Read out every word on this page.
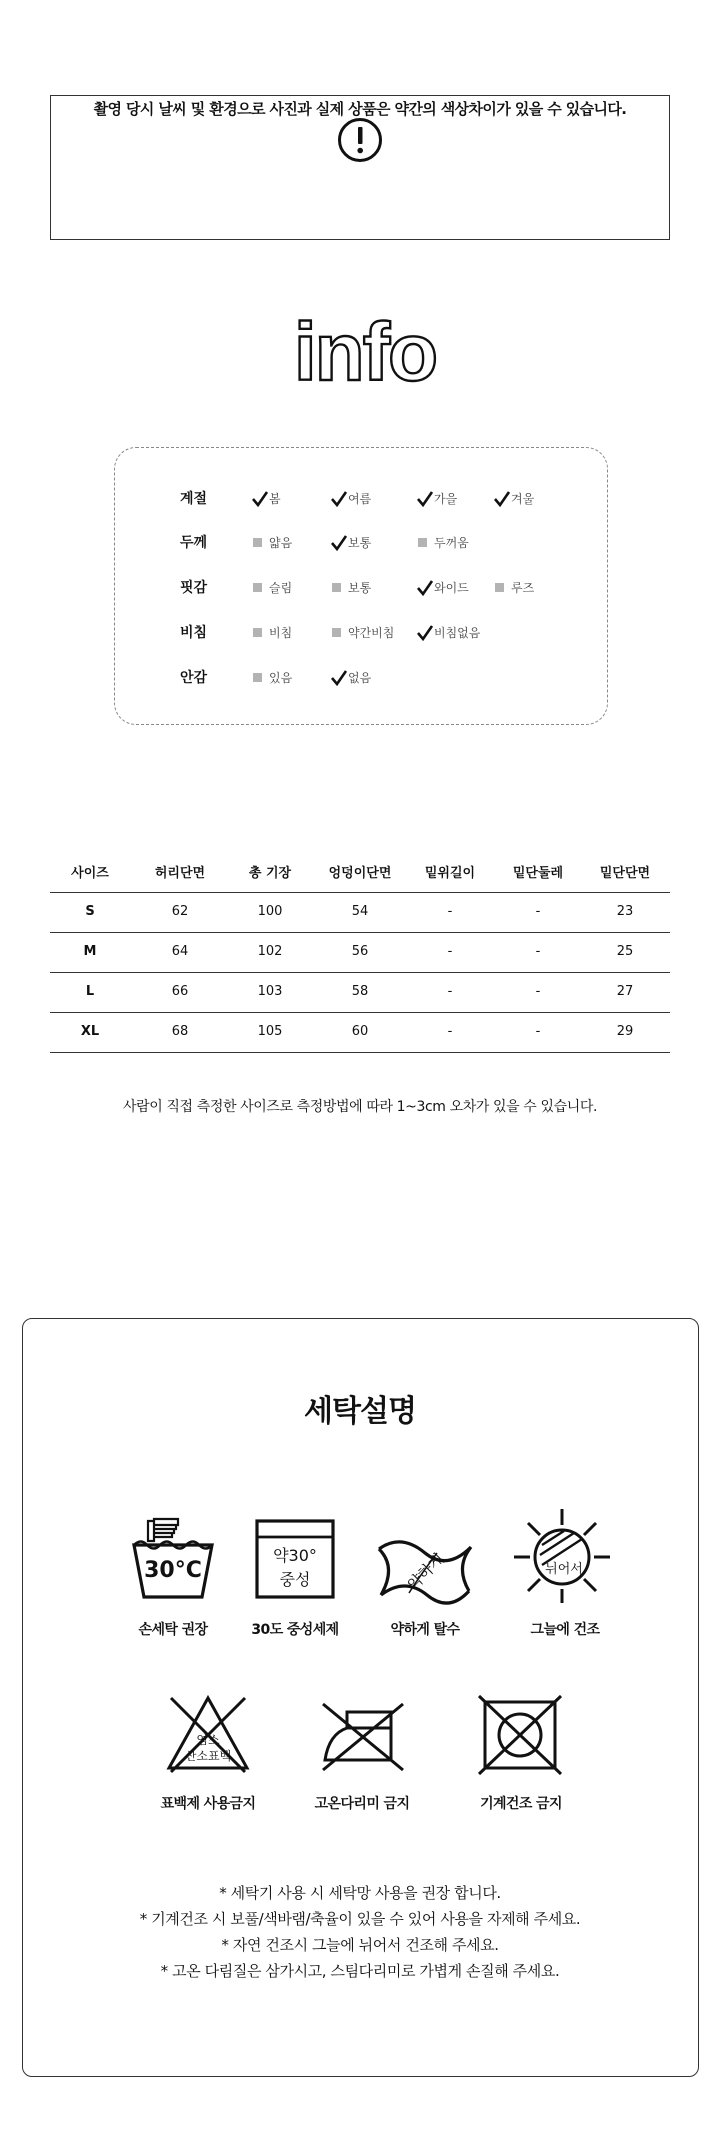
촬영 당시 날씨 및 환경으로 사진과 실제 상품은 약간의 색상차이가 있을 수 있습니다.
info
계절	봄	여름	가을	겨울
두께	얇음	보통	두꺼움
핏감	슬림	보통	와이드	루즈
비침	비침	약간비침	비침없음
안감	있음	없음
사이즈	허리단면	총 기장	엉덩이단면	밑위길이	밑단둘레	밑단단면
S	62	100	54	-	-	23
M	64	102	56	-	-	25
L	66	103	58	-	-	27
XL	68	105	60	-	-	29
사람이 직접 측정한 사이즈로 측정방법에 따라 1~3cm 오차가 있을 수 있습니다.
세탁설명
30°C
약30°
중성	약하게	뉘어서
손세탁 권장	30도 중성세제	약하게 탈수	그늘에 건조
염소
산소표백
표백제 사용금지	고온다리미 금지	기계건조 금지
* 세탁기 사용 시 세탁망 사용을 권장 합니다.
* 기계건조 시 보풀/색바램/축율이 있을 수 있어 사용을 자제해 주세요.
* 자연 건조시 그늘에 뉘어서 건조해 주세요.
* 고온 다림질은 삼가시고, 스팀다리미로 가볍게 손질해 주세요.
